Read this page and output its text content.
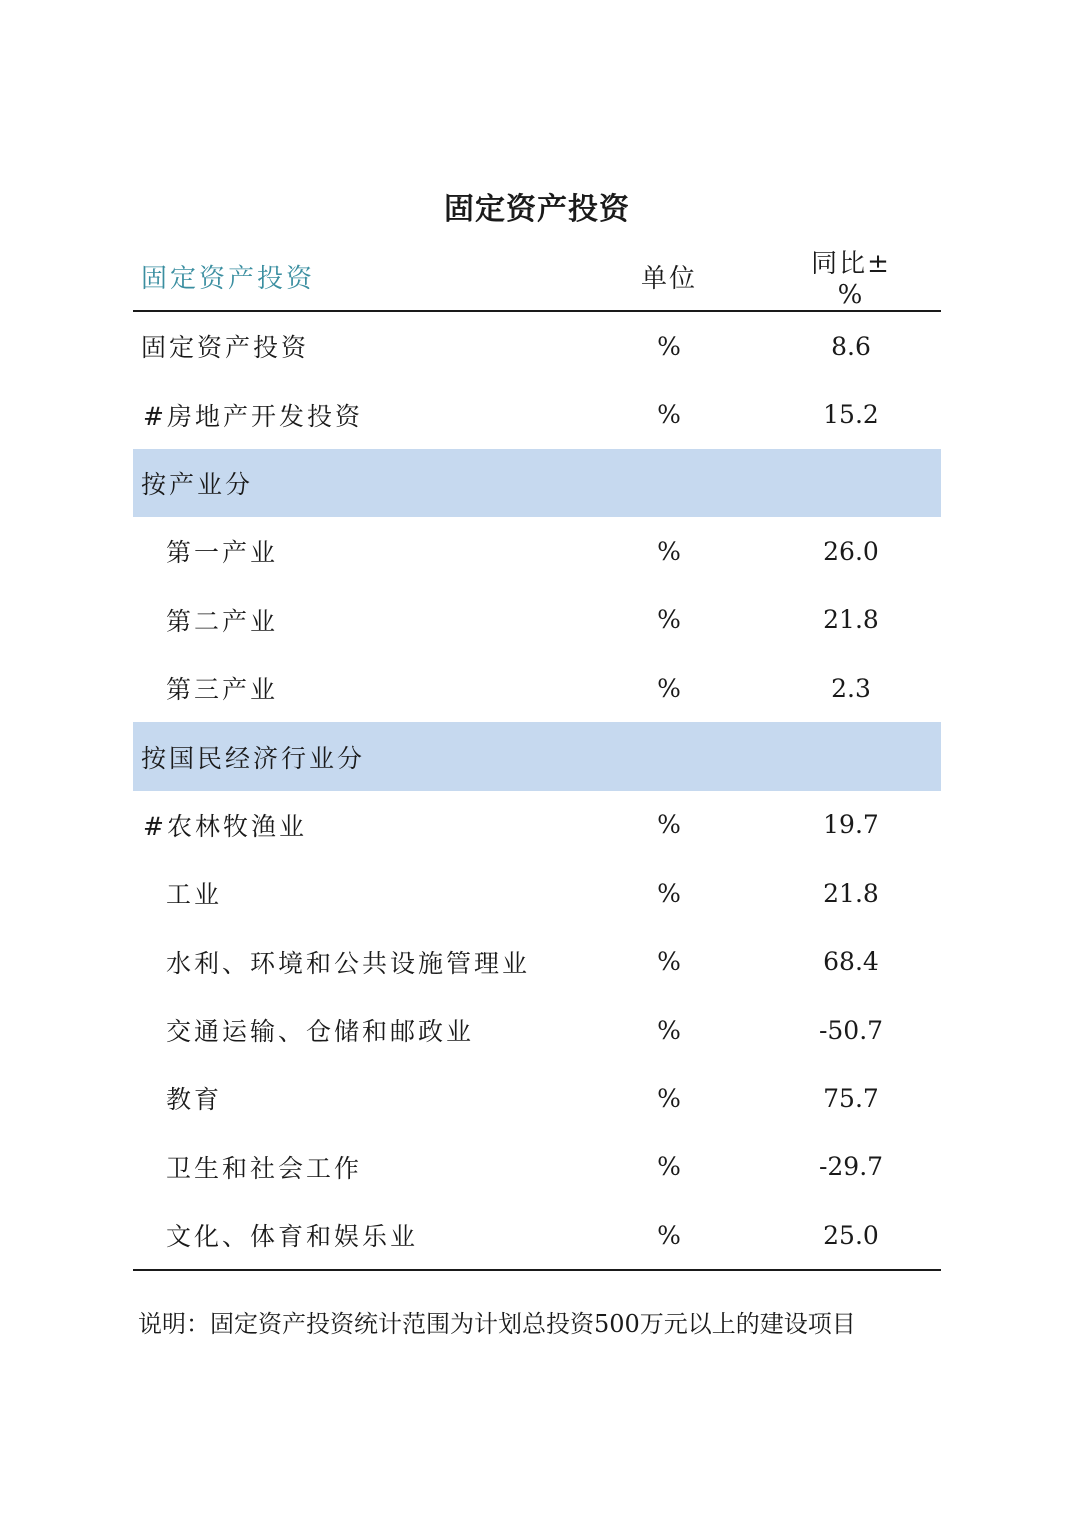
固定资产投资
固定资产投资	单位	同比±%
固定资产投资	%	8.6
#房地产开发投资	%	15.2
按产业分
第一产业	%	26.0
第二产业	%	21.8
第三产业	%	2.3
按国民经济行业分
#农林牧渔业	%	19.7
工业	%	21.8
水利、环境和公共设施管理业	%	68.4
交通运输、仓储和邮政业	%	-50.7
教育	%	75.7
卫生和社会工作	%	-29.7
文化、体育和娱乐业	%	25.0
说明：固定资产投资统计范围为计划总投资500万元以上的建设项目
